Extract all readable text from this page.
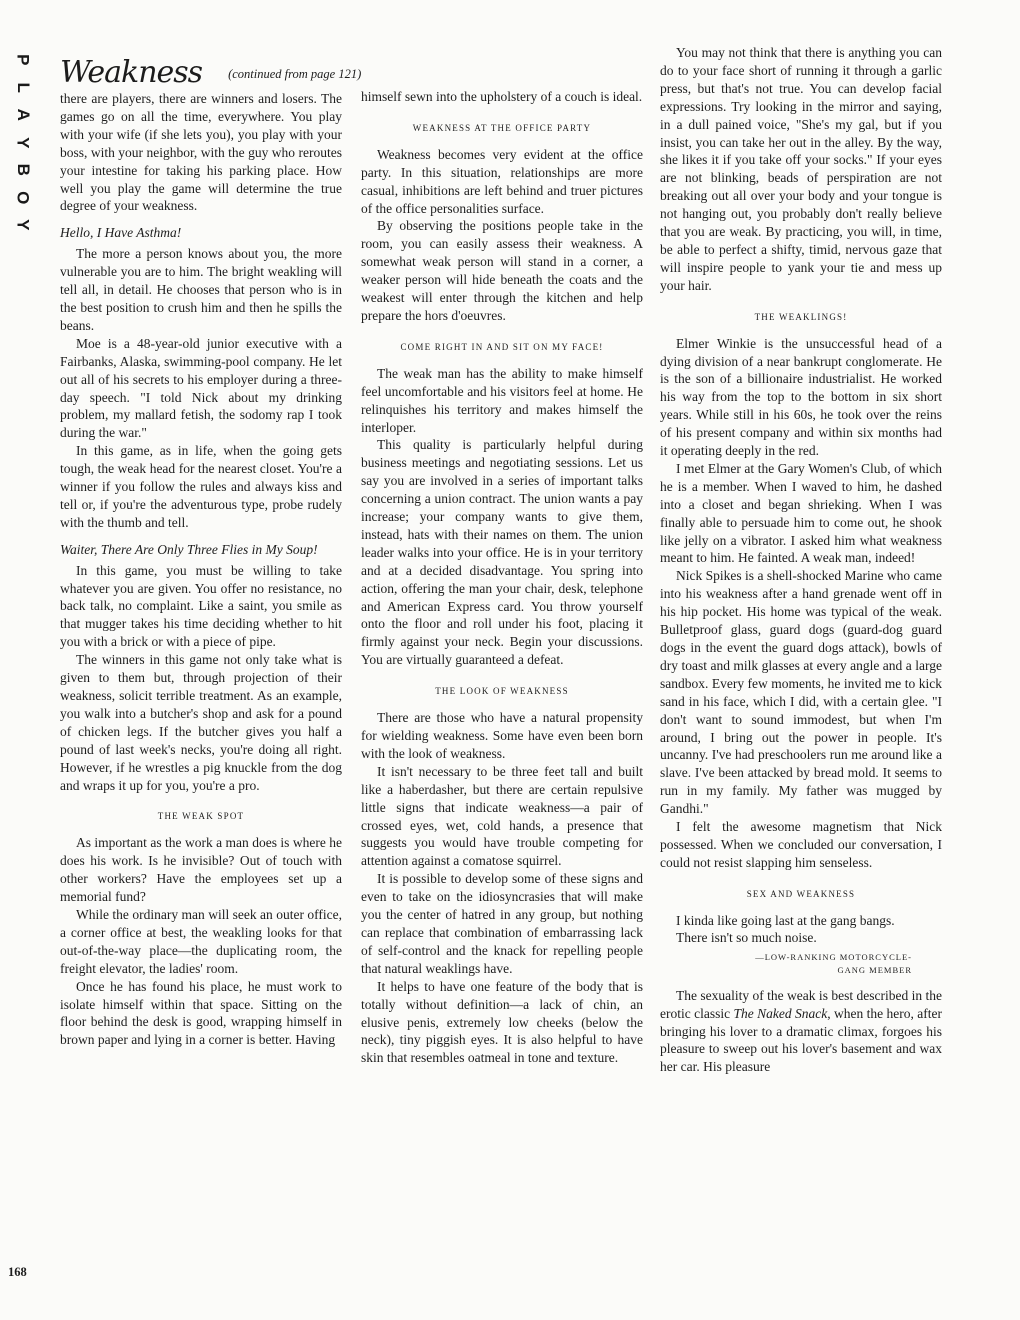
P
L
A
Y
B
O
Y
168
Weakness (continued from page 121)

there are players, there are winners and losers. The games go on all the time, everywhere. You play with your wife (if she lets you), you play with your boss, with your neighbor, with the guy who reroutes your intestine for taking his parking place. How well you play the game will determine the true degree of your weakness.

Hello, I Have Asthma!

The more a person knows about you, the more vulnerable you are to him. The bright weakling will tell all, in detail. He chooses that person who is in the best position to crush him and then he spills the beans.

Moe is a 48-year-old junior executive with a Fairbanks, Alaska, swimming-pool company. He let out all of his secrets to his employer during a three-day speech. "I told Nick about my drinking problem, my mallard fetish, the sodomy rap I took during the war."

In this game, as in life, when the going gets tough, the weak head for the nearest closet. You're a winner if you follow the rules and always kiss and tell or, if you're the adventurous type, probe rudely with the thumb and tell.

Waiter, There Are Only Three Flies in My Soup!

In this game, you must be willing to take whatever you are given. You offer no resistance, no back talk, no complaint. Like a saint, you smile as that mugger takes his time deciding whether to hit you with a brick or with a piece of pipe.

The winners in this game not only take what is given to them but, through projection of their weakness, solicit terrible treatment. As an example, you walk into a butcher's shop and ask for a pound of chicken legs. If the butcher gives you half a pound of last week's necks, you're doing all right. However, if he wrestles a pig knuckle from the dog and wraps it up for you, you're a pro.

THE WEAK SPOT

As important as the work a man does is where he does his work. Is he invisible? Out of touch with other workers? Have the employees set up a memorial fund?

While the ordinary man will seek an outer office, a corner office at best, the weakling looks for that out-of-the-way place—the duplicating room, the freight elevator, the ladies' room.

Once he has found his place, he must work to isolate himself within that space. Sitting on the floor behind the desk is good, wrapping himself in brown paper and lying in a corner is better. Having

himself sewn into the upholstery of a couch is ideal.

WEAKNESS AT THE OFFICE PARTY

Weakness becomes very evident at the office party. In this situation, relationships are more casual, inhibitions are left behind and truer pictures of the office personalities surface.

By observing the positions people take in the room, you can easily assess their weakness. A somewhat weak person will stand in a corner, a weaker person will hide beneath the coats and the weakest will enter through the kitchen and help prepare the hors d'oeuvres.

COME RIGHT IN AND SIT ON MY FACE!

The weak man has the ability to make himself feel uncomfortable and his visitors feel at home. He relinquishes his territory and makes himself the interloper.

This quality is particularly helpful during business meetings and negotiating sessions. Let us say you are involved in a series of important talks concerning a union contract. The union wants a pay increase; your company wants to give them, instead, hats with their names on them. The union leader walks into your office. He is in your territory and at a decided disadvantage. You spring into action, offering the man your chair, desk, telephone and American Express card. You throw yourself onto the floor and roll under his foot, placing it firmly against your neck. Begin your discussions. You are virtually guaranteed a defeat.

THE LOOK OF WEAKNESS

There are those who have a natural propensity for wielding weakness. Some have even been born with the look of weakness.

It isn't necessary to be three feet tall and built like a haberdasher, but there are certain repulsive little signs that indicate weakness—a pair of crossed eyes, wet, cold hands, a presence that suggests you would have trouble competing for attention against a comatose squirrel.

It is possible to develop some of these signs and even to take on the idiosyncrasies that will make you the center of hatred in any group, but nothing can replace that combination of embarrassing lack of self-control and the knack for repelling people that natural weaklings have.

It helps to have one feature of the body that is totally without definition—a lack of chin, an elusive penis, extremely low cheeks (below the neck), tiny piggish eyes. It is also helpful to have skin that resembles oatmeal in tone and texture.

You may not think that there is anything you can do to your face short of running it through a garlic press, but that's not true. You can develop facial expressions. Try looking in the mirror and saying, in a dull pained voice, "She's my gal, but if you insist, you can take her out in the alley. By the way, she likes it if you take off your socks." If your eyes are not blinking, beads of perspiration are not breaking out all over your body and your tongue is not hanging out, you probably don't really believe that you are weak. By practicing, you will, in time, be able to perfect a shifty, timid, nervous gaze that will inspire people to yank your tie and mess up your hair.

THE WEAKLINGS!

Elmer Winkie is the unsuccessful head of a dying division of a near bankrupt conglomerate. He is the son of a billionaire industrialist. He worked his way from the top to the bottom in six short years. While still in his 60s, he took over the reins of his present company and within six months had it operating deeply in the red.

I met Elmer at the Gary Women's Club, of which he is a member. When I waved to him, he dashed into a closet and began shrieking. When I was finally able to persuade him to come out, he shook like jelly on a vibrator. I asked him what weakness meant to him. He fainted. A weak man, indeed!

Nick Spikes is a shell-shocked Marine who came into his weakness after a hand grenade went off in his hip pocket. His home was typical of the weak. Bulletproof glass, guard dogs (guard-dog guard dogs in the event the guard dogs attack), bowls of dry toast and milk glasses at every angle and a large sandbox. Every few moments, he invited me to kick sand in his face, which I did, with a certain glee. "I don't want to sound immodest, but when I'm around, I bring out the power in people. It's uncanny. I've had preschoolers run me around like a slave. I've been attacked by bread mold. It seems to run in my family. My father was mugged by Gandhi."

I felt the awesome magnetism that Nick possessed. When we concluded our conversation, I could not resist slapping him senseless.

SEX AND WEAKNESS

I kinda like going last at the gang bangs. There isn't so much noise.

—LOW-RANKING MOTORCYCLE-
GANG MEMBER

The sexuality of the weak is best described in the erotic classic The Naked Snack, when the hero, after bringing his lover to a dramatic climax, forgoes his pleasure to sweep out his lover's basement and wax her car. His pleasure
